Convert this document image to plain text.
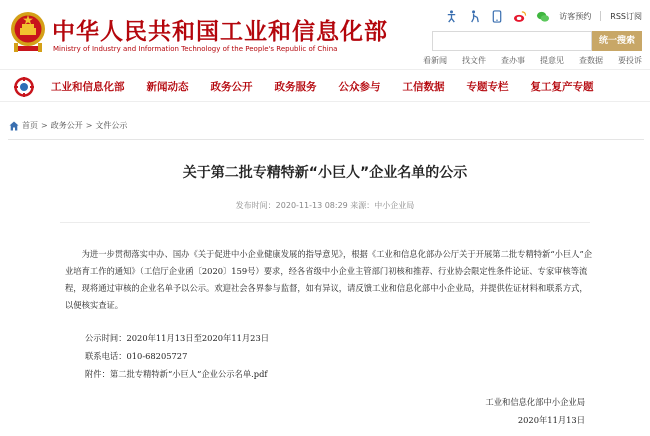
中华人民共和国工业和信息化部
Ministry of Industry and Information Technology of the People's Republic of China
访客预约 RSS订阅
统一搜索
看新闻 找文件 查办事 提意见 查数据 要投诉
工业和信息化部	新闻动态	政务公开	政务服务	公众参与	工信数据	专题专栏	复工复产专题
首页 > 政务公开 > 文件公示
关于第二批专精特新“小巨人”企业名单的公示
发布时间：2020-11-13 08:29 来源：中小企业局
为进一步贯彻落实中办、国办《关于促进中小企业健康发展的指导意见》，根据《工业和信息化部办公厅关于开展第二批专精特新“小巨人”企业培育工作的通知》（工信厅企业函〔2020〕159号）要求，经各省级中小企业主管部门初核和推荐、行业协会限定性条件论证、专家审核等流程，现将通过审核的企业名单予以公示。欢迎社会各界参与监督，如有异议，请反馈工业和信息化部中小企业局，并提供佐证材料和联系方式，以便核实查证。
公示时间：2020年11月13日至2020年11月23日
联系电话：010-68205727
附件：第二批专精特新“小巨人”企业公示名单.pdf
工业和信息化部中小企业局
2020年11月13日
